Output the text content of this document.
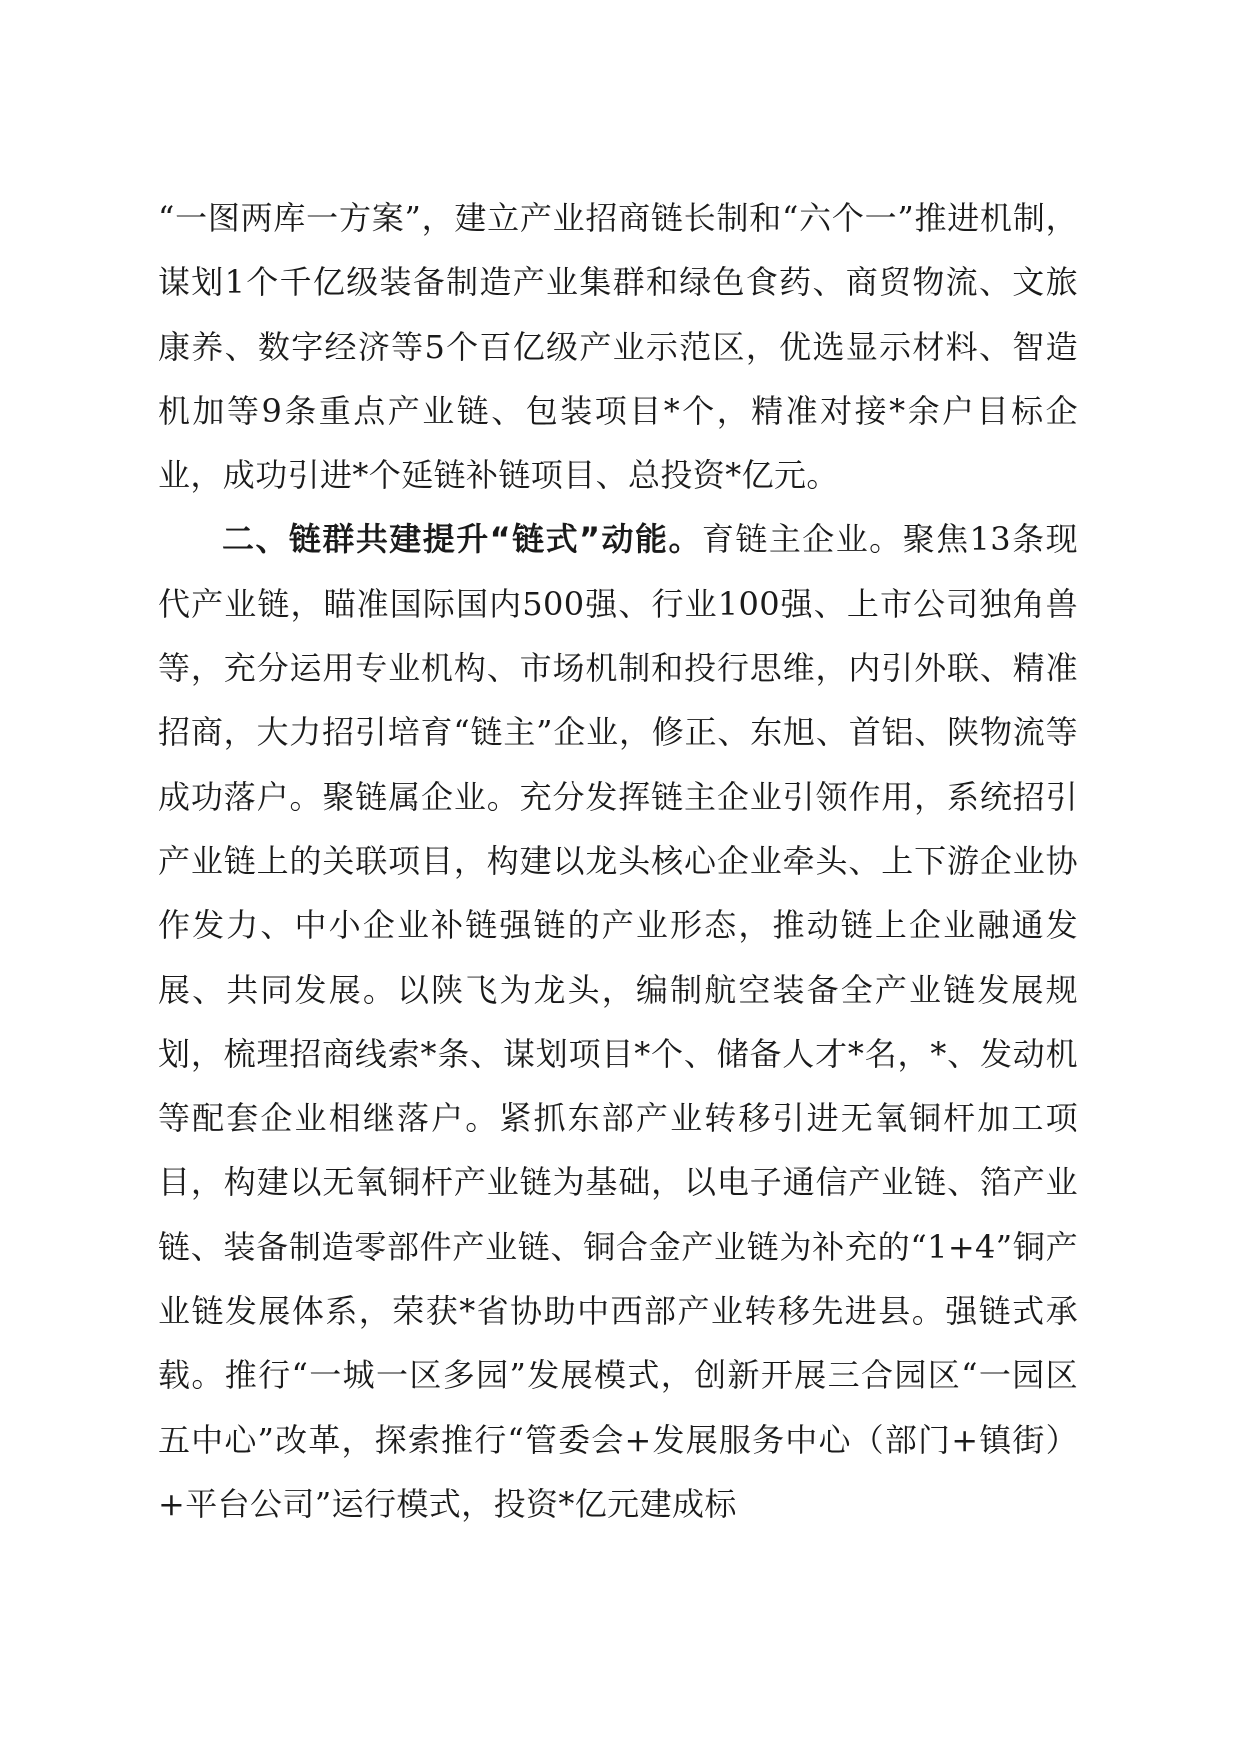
“一图两库一方案”，建立产业招商链长制和“六个一”推进机制，谋划1个千亿级装备制造产业集群和绿色食药、商贸物流、文旅康养、数字经济等5个百亿级产业示范区，优选显示材料、智造机加等9条重点产业链、包装项目*个，精准对接*余户目标企业，成功引进*个延链补链项目、总投资*亿元。

二、链群共建提升“链式”动能。育链主企业。聚焦13条现代产业链，瞄准国际国内500强、行业100强、上市公司独角兽等，充分运用专业机构、市场机制和投行思维，内引外联、精准招商，大力招引培育“链主”企业，修正、东旭、首铝、陕物流等成功落户。聚链属企业。充分发挥链主企业引领作用，系统招引产业链上的关联项目，构建以龙头核心企业牵头、上下游企业协作发力、中小企业补链强链的产业形态，推动链上企业融通发展、共同发展。以陕飞为龙头，编制航空装备全产业链发展规划，梳理招商线索*条、谋划项目*个、储备人才*名，*、发动机等配套企业相继落户。紧抓东部产业转移引进无氧铜杆加工项目，构建以无氧铜杆产业链为基础，以电子通信产业链、箔产业链、装备制造零部件产业链、铜合金产业链为补充的“1+4”铜产业链发展体系，荣获*省协助中西部产业转移先进县。强链式承载。推行“一城一区多园”发展模式，创新开展三合园区“一园区五中心”改革，探索推行“管委会+发展服务中心（部门+镇街）+平台公司”运行模式，投资*亿元建成标
